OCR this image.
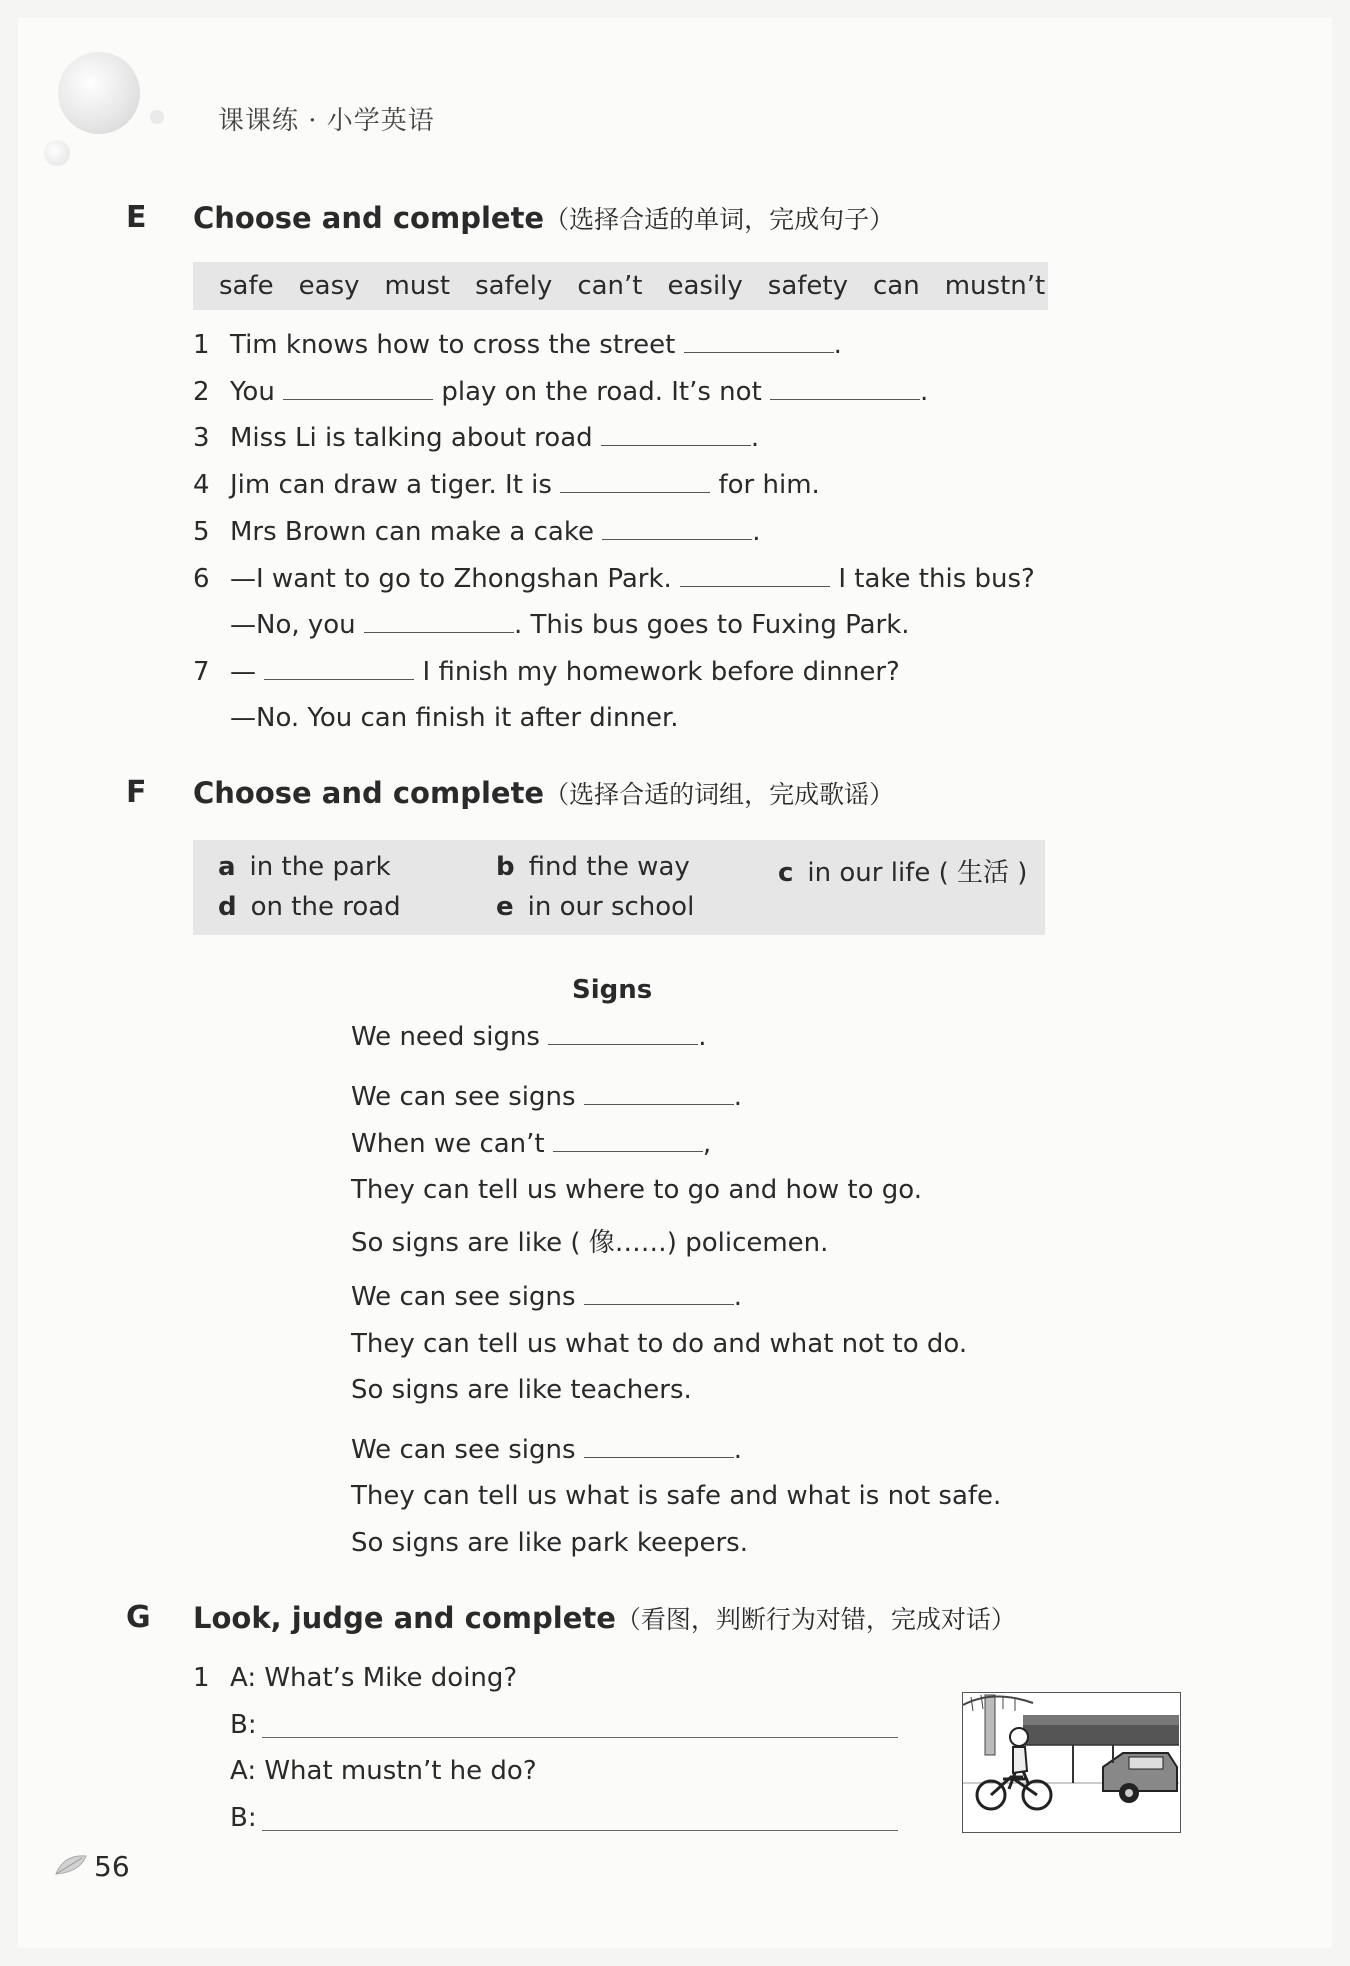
课课练 · 小学英语
E Choose and complete（选择合适的单词，完成句子）
safe easy must safely can’t easily safety can mustn’t
1 Tim knows how to cross the street	.
2 You	play on the road. It’s not	.
3 Miss Li is talking about road	.
4 Jim can draw a tiger. It is	for him.
5 Mrs Brown can make a cake	.
6 —I want to go to Zhongshan Park.	I take this bus?
—No, you	. This bus goes to Fuxing Park.
7 —	I finish my homework before dinner?
—No. You can finish it after dinner.
F Choose and complete（选择合适的词组，完成歌谣）
a in the park	b find the way	c in our life ( 生活 )
d on the road	e in our school
Signs
We need signs	.
We can see signs	.
When we can’t	,
They can tell us where to go and how to go.
So signs are like ( 像……) policemen.
We can see signs	.
They can tell us what to do and what not to do.
So signs are like teachers.
We can see signs	.
They can tell us what is safe and what is not safe.
So signs are like park keepers.
G Look, judge and complete（看图，判断行为对错，完成对话）
1 A: What’s Mike doing?
B:
A: What mustn’t he do?
B:
56
